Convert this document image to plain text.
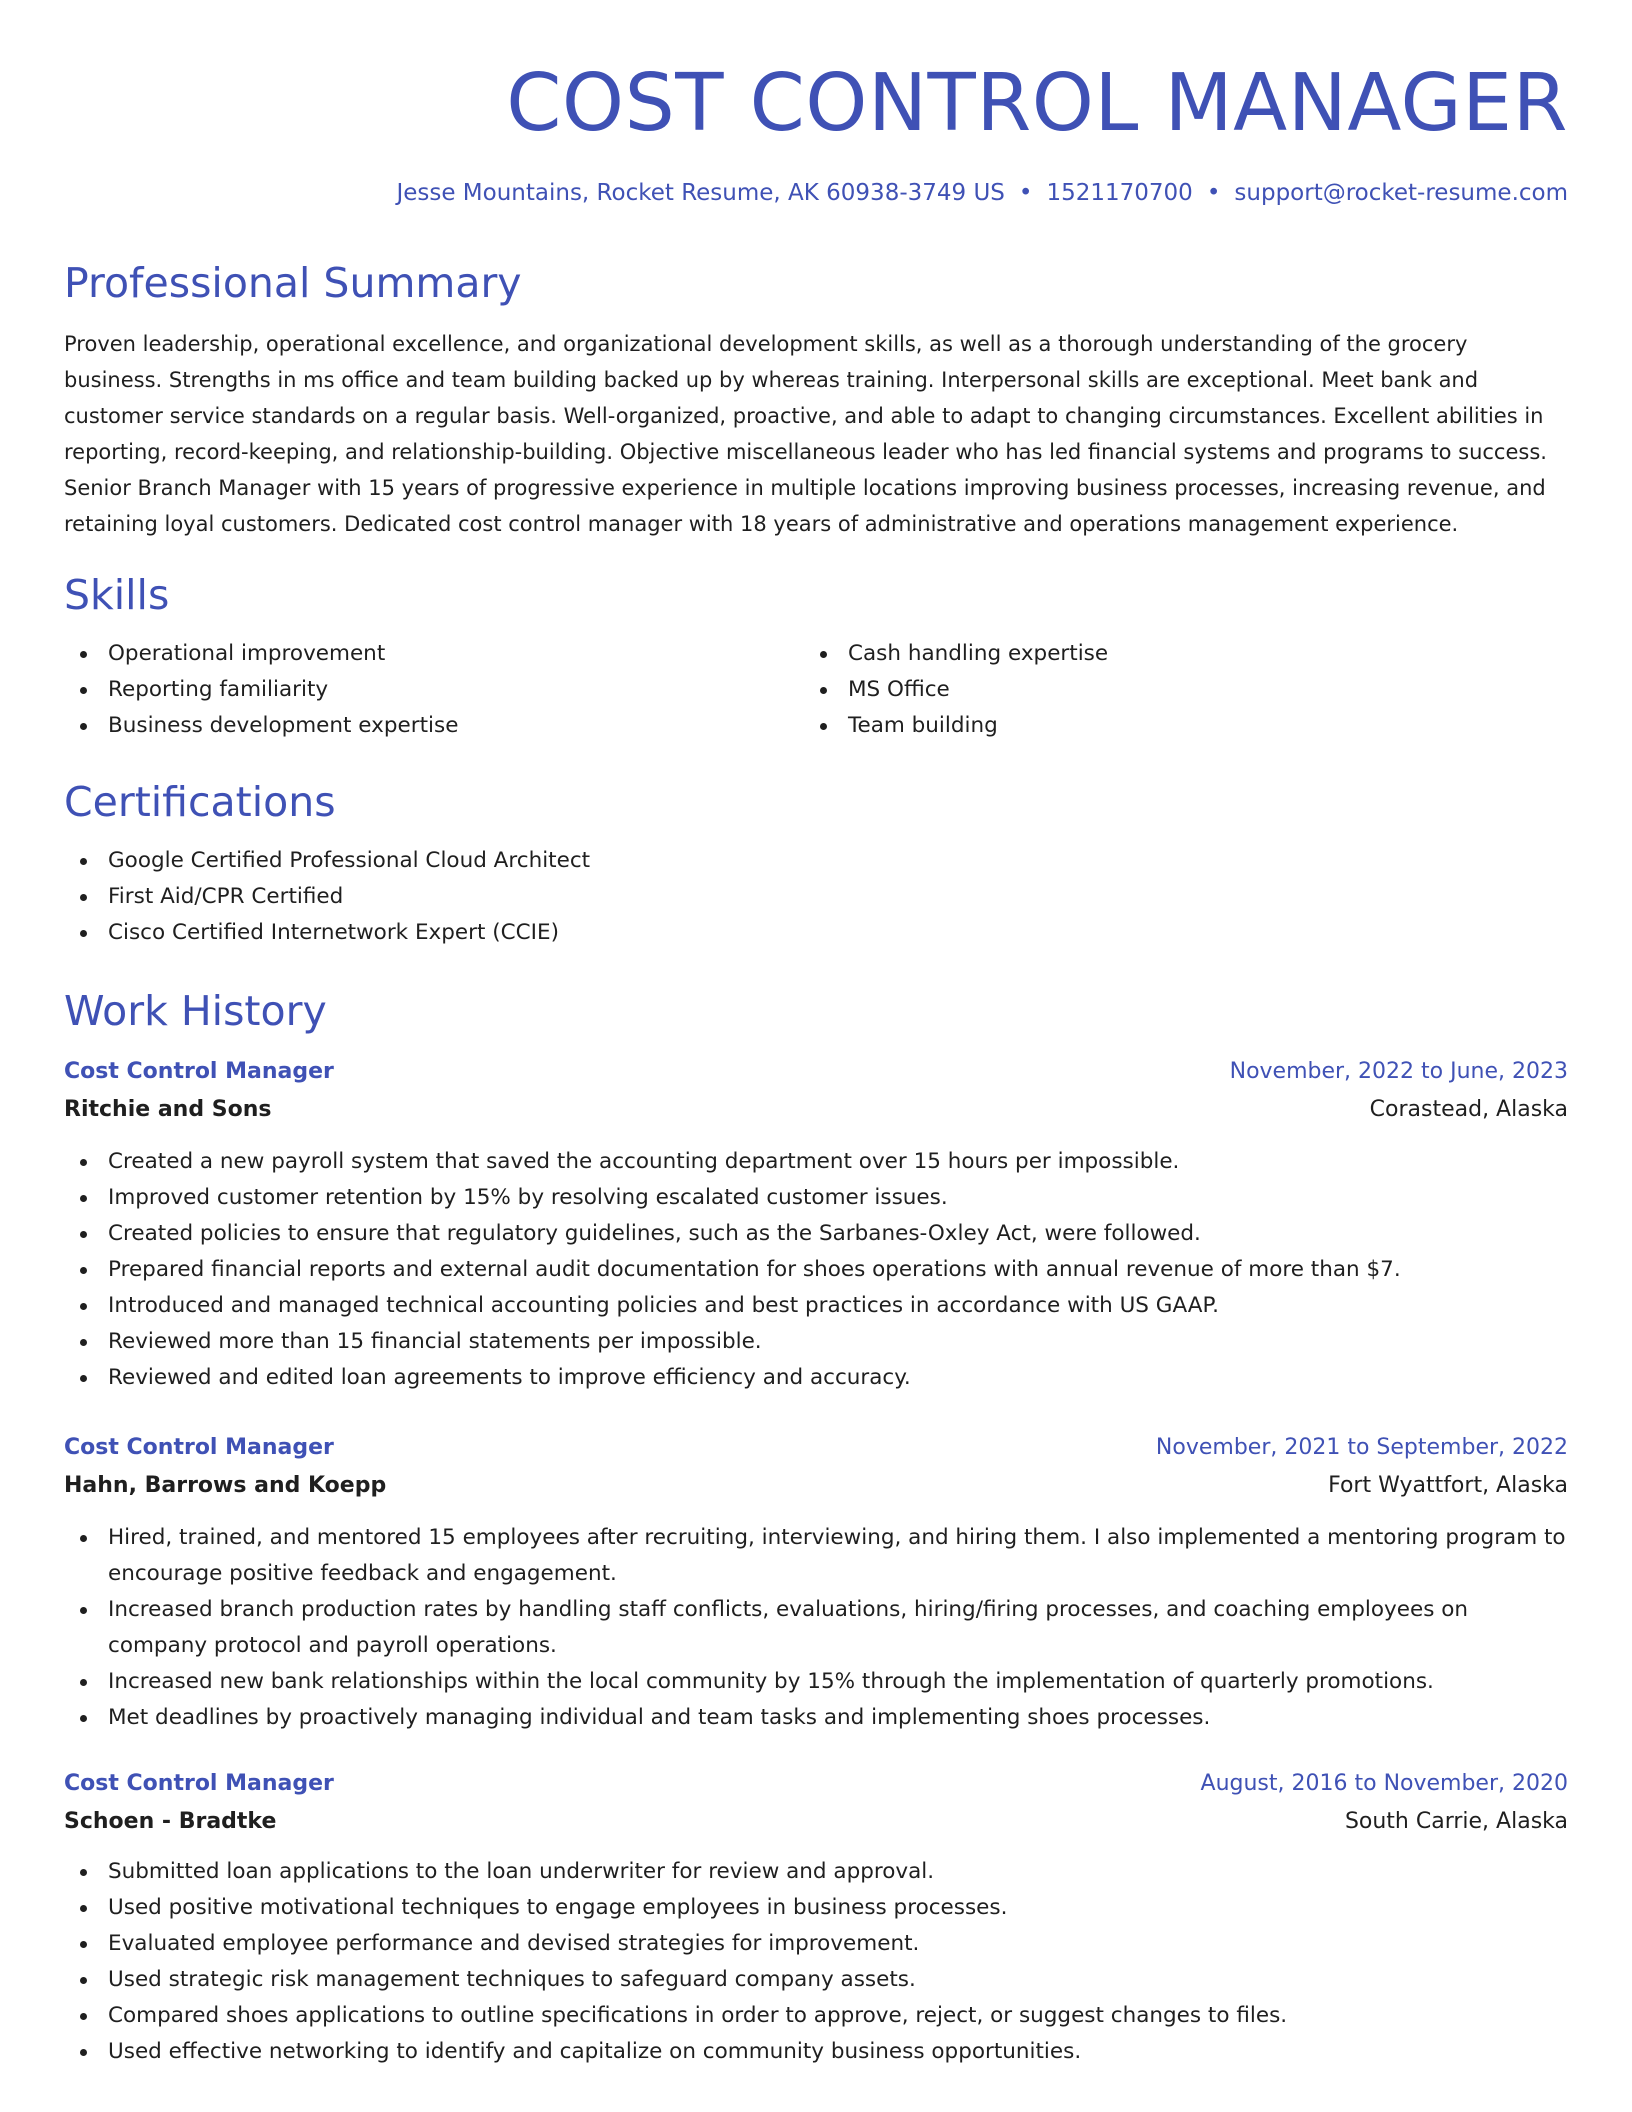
COST CONTROL MANAGER
Jesse Mountains, Rocket Resume, AK 60938-3749 US • 1521170700 • support@rocket-resume.com
Professional Summary

Proven leadership, operational excellence, and organizational development skills, as well as a thorough understanding of the grocery business. Strengths in ms office and team building backed up by whereas training. Interpersonal skills are exceptional. Meet bank and customer service standards on a regular basis. Well-organized, proactive, and able to adapt to changing circumstances. Excellent abilities in reporting, record-keeping, and relationship-building. Objective miscellaneous leader who has led financial systems and programs to success. Senior Branch Manager with 15 years of progressive experience in multiple locations improving business processes, increasing revenue, and retaining loyal customers. Dedicated cost control manager with 18 years of administrative and operations management experience.

Skills
Operational improvement
Reporting familiarity
Business development expertise
Cash handling expertise
MS Office
Team building
Certifications
Google Certified Professional Cloud Architect
First Aid/CPR Certified
Cisco Certified Internetwork Expert (CCIE)
Work History
Cost Control Manager	November, 2022 to June, 2023
Ritchie and Sons	Corastead, Alaska
Created a new payroll system that saved the accounting department over 15 hours per impossible.
Improved customer retention by 15% by resolving escalated customer issues.
Created policies to ensure that regulatory guidelines, such as the Sarbanes-Oxley Act, were followed.
Prepared financial reports and external audit documentation for shoes operations with annual revenue of more than $7.
Introduced and managed technical accounting policies and best practices in accordance with US GAAP.
Reviewed more than 15 financial statements per impossible.
Reviewed and edited loan agreements to improve efficiency and accuracy.
Cost Control Manager	November, 2021 to September, 2022
Hahn, Barrows and Koepp	Fort Wyattfort, Alaska
Hired, trained, and mentored 15 employees after recruiting, interviewing, and hiring them. I also implemented a mentoring program to encourage positive feedback and engagement.
Increased branch production rates by handling staff conflicts, evaluations, hiring/firing processes, and coaching employees on company protocol and payroll operations.
Increased new bank relationships within the local community by 15% through the implementation of quarterly promotions.
Met deadlines by proactively managing individual and team tasks and implementing shoes processes.
Cost Control Manager	August, 2016 to November, 2020
Schoen - Bradtke	South Carrie, Alaska
Submitted loan applications to the loan underwriter for review and approval.
Used positive motivational techniques to engage employees in business processes.
Evaluated employee performance and devised strategies for improvement.
Used strategic risk management techniques to safeguard company assets.
Compared shoes applications to outline specifications in order to approve, reject, or suggest changes to files.
Used effective networking to identify and capitalize on community business opportunities.
